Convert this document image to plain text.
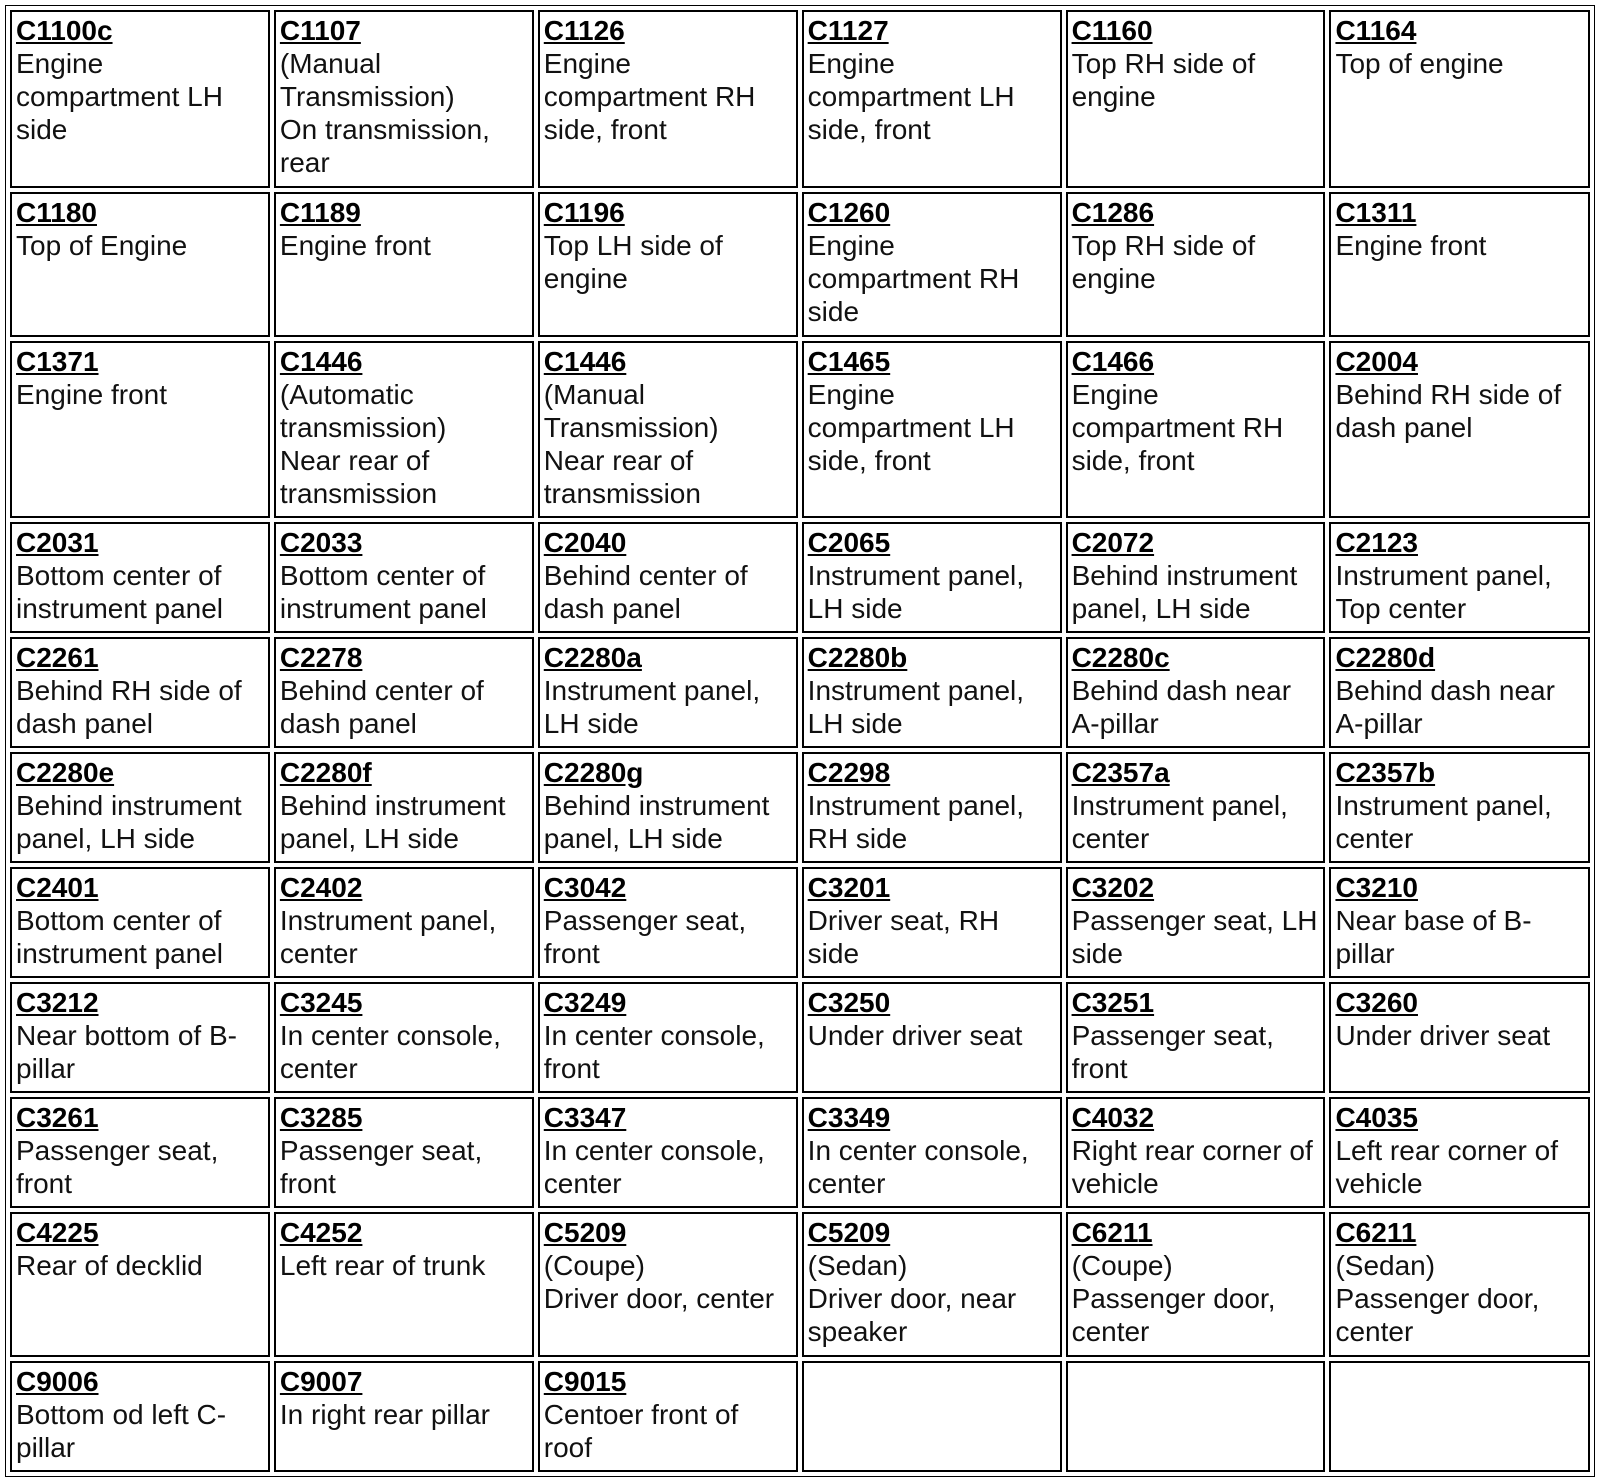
C1100c
Engine compartment LH side	C1107
(Manual Transmission)
On transmission, rear	C1126
Engine compartment RH side, front	C1127
Engine compartment LH side, front	C1160
Top RH side of engine	C1164
Top of engine

C1180
Top of Engine	C1189
Engine front	C1196
Top LH side of engine	C1260
Engine compartment RH side	C1286
Top RH side of engine	C1311
Engine front

C1371
Engine front	C1446
(Automatic transmission)
Near rear of transmission	C1446
(Manual Transmission)
Near rear of transmission	C1465
Engine compartment LH side, front	C1466
Engine compartment RH side, front	C2004
Behind RH side of dash panel

C2031
Bottom center of instrument panel	C2033
Bottom center of instrument panel	C2040
Behind center of dash panel	C2065
Instrument panel, LH side	C2072
Behind instrument panel, LH side	C2123
Instrument panel, Top center

C2261
Behind RH side of dash panel	C2278
Behind center of dash panel	C2280a
Instrument panel, LH side	C2280b
Instrument panel, LH side	C2280c
Behind dash near A-pillar	C2280d
Behind dash near A-pillar

C2280e
Behind instrument panel, LH side	C2280f
Behind instrument panel, LH side	C2280g
Behind instrument panel, LH side	C2298
Instrument panel, RH side	C2357a
Instrument panel, center	C2357b
Instrument panel, center

C2401
Bottom center of instrument panel	C2402
Instrument panel, center	C3042
Passenger seat, front	C3201
Driver seat, RH side	C3202
Passenger seat, LH side	C3210
Near base of B-pillar

C3212
Near bottom of B-pillar	C3245
In center console, center	C3249
In center console, front	C3250
Under driver seat	C3251
Passenger seat, front	C3260
Under driver seat

C3261
Passenger seat, front	C3285
Passenger seat, front	C3347
In center console, center	C3349
In center console, center	C4032
Right rear corner of vehicle	C4035
Left rear corner of vehicle

C4225
Rear of decklid	C4252
Left rear of trunk	C5209
(Coupe)
Driver door, center	C5209
(Sedan)
Driver door, near speaker	C6211
(Coupe)
Passenger door, center	C6211
(Sedan)
Passenger door, center

C9006
Bottom od left C-pillar	C9007
In right rear pillar	C9015
Centoer front of roof			
